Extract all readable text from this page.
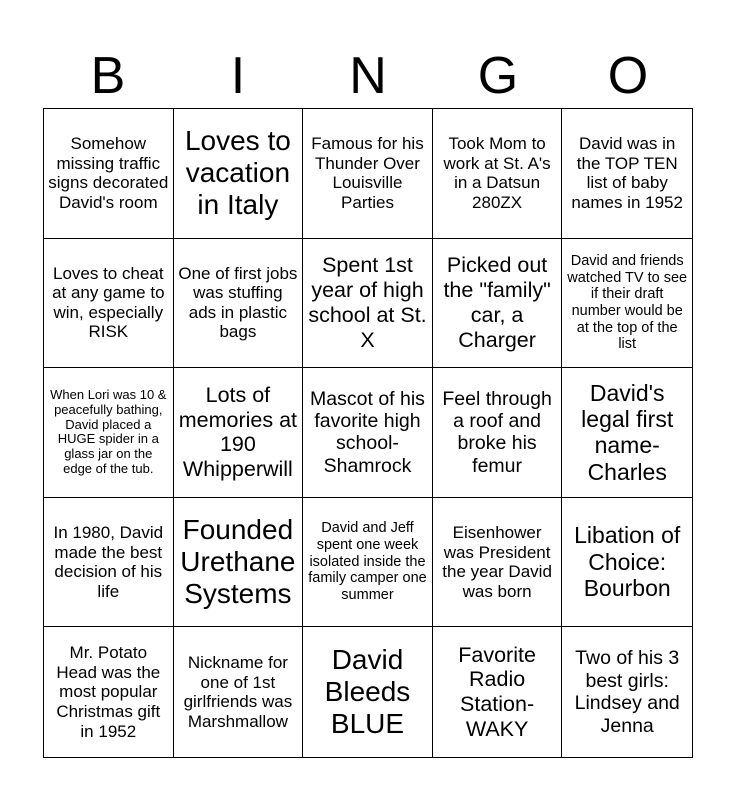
B	I	N	G	O
Somehow missing traffic signs decorated David's room
Loves to vacation in Italy
Famous for his Thunder Over Louisville Parties
Took Mom to work at St. A's in a Datsun 280ZX
David was in the TOP TEN list of baby names in 1952
Loves to cheat at any game to win, especially RISK
One of first jobs was stuffing ads in plastic bags
Spent 1st year of high school at St. X
Picked out the "family" car, a Charger
David and friends watched TV to see if their draft number would be at the top of the list
When Lori was 10 & peacefully bathing, David placed a HUGE spider in a glass jar on the edge of the tub.
Lots of memories at 190 Whipperwill
Mascot of his favorite high school- Shamrock
Feel through a roof and broke his femur
David's legal first name- Charles
In 1980, David made the best decision of his life
Founded Urethane Systems
David and Jeff spent one week isolated inside the family camper one summer
Eisenhower was President the year David was born
Libation of Choice: Bourbon
Mr. Potato Head was the most popular Christmas gift in 1952
Nickname for one of 1st girlfriends was Marshmallow
David Bleeds BLUE
Favorite Radio Station- WAKY
Two of his 3 best girls: Lindsey and Jenna
